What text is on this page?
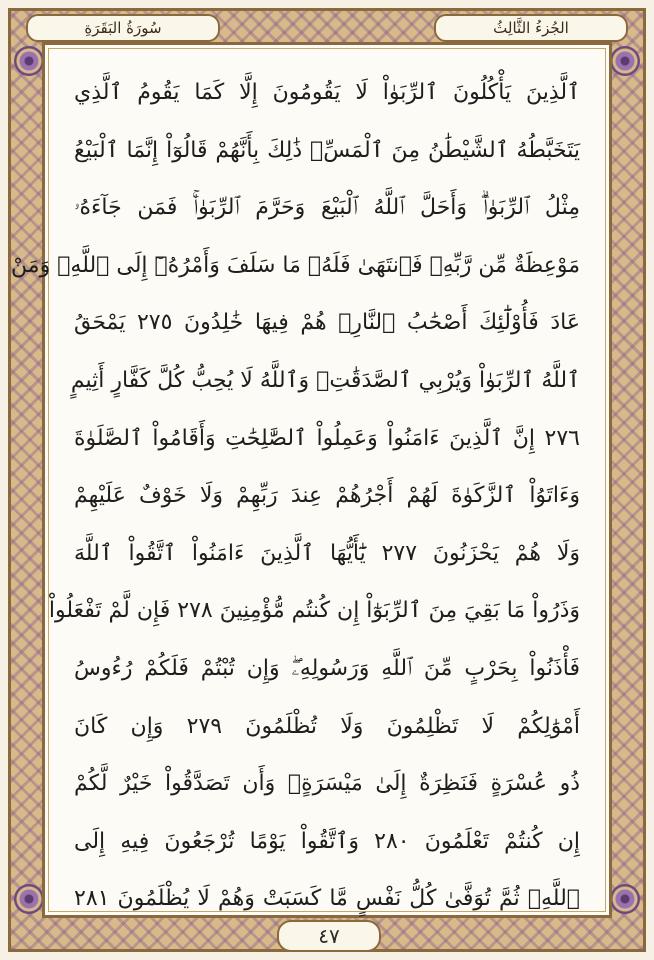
سُورَةُ البَقَرَةِ	الجُزءُ الثَّالِثُ
ٱلَّذِينَ يَأْكُلُونَ ٱلرِّبَوٰاْ لَا يَقُومُونَ إِلَّا كَمَا يَقُومُ ٱلَّذِي
يَتَخَبَّطُهُ ٱلشَّيْطَٰنُ مِنَ ٱلْمَسِّۚ ذَٰلِكَ بِأَنَّهُمْ قَالُوٓاْ إِنَّمَا ٱلْبَيْعُ
مِثْلُ ٱلرِّبَوٰاْۗ وَأَحَلَّ ٱللَّهُ ٱلْبَيْعَ وَحَرَّمَ ٱلرِّبَوٰاْۚ فَمَن جَآءَهُۥ
مَوْعِظَةٌ مِّن رَّبِّهِۦ فَٱنتَهَىٰ فَلَهُۥ مَا سَلَفَ وَأَمْرُهُۥٓ إِلَى ٱللَّهِۖ وَمَنْ
عَادَ فَأُوْلَٰٓئِكَ أَصْحَٰبُ ٱلنَّارِۖ هُمْ فِيهَا خَٰلِدُونَ ٢٧٥ يَمْحَقُ
ٱللَّهُ ٱلرِّبَوٰاْ وَيُرْبِي ٱلصَّدَقَٰتِۗ وَٱللَّهُ لَا يُحِبُّ كُلَّ كَفَّارٍ أَثِيمٍ
٢٧٦ إِنَّ ٱلَّذِينَ ءَامَنُواْ وَعَمِلُواْ ٱلصَّٰلِحَٰتِ وَأَقَامُواْ ٱلصَّلَوٰةَ
وَءَاتَوُاْ ٱلزَّكَوٰةَ لَهُمْ أَجْرُهُمْ عِندَ رَبِّهِمْ وَلَا خَوْفٌ عَلَيْهِمْ
وَلَا هُمْ يَحْزَنُونَ ٢٧٧ يَٰٓأَيُّهَا ٱلَّذِينَ ءَامَنُواْ ٱتَّقُواْ ٱللَّهَ
وَذَرُواْ مَا بَقِيَ مِنَ ٱلرِّبَوٰٓاْ إِن كُنتُم مُّؤْمِنِينَ ٢٧٨ فَإِن لَّمْ تَفْعَلُواْ
فَأْذَنُواْ بِحَرْبٍ مِّنَ ٱللَّهِ وَرَسُولِهِۦۖ وَإِن تُبْتُمْ فَلَكُمْ رُءُوسُ
أَمْوَٰلِكُمْ لَا تَظْلِمُونَ وَلَا تُظْلَمُونَ ٢٧٩ وَإِن كَانَ
ذُو عُسْرَةٍ فَنَظِرَةٌ إِلَىٰ مَيْسَرَةٍۚ وَأَن تَصَدَّقُواْ خَيْرٌ لَّكُمْ
إِن كُنتُمْ تَعْلَمُونَ ٢٨٠ وَٱتَّقُواْ يَوْمًا تُرْجَعُونَ فِيهِ إِلَى
ٱللَّهِۖ ثُمَّ تُوَفَّىٰ كُلُّ نَفْسٍ مَّا كَسَبَتْ وَهُمْ لَا يُظْلَمُونَ ٢٨١
٤٧
